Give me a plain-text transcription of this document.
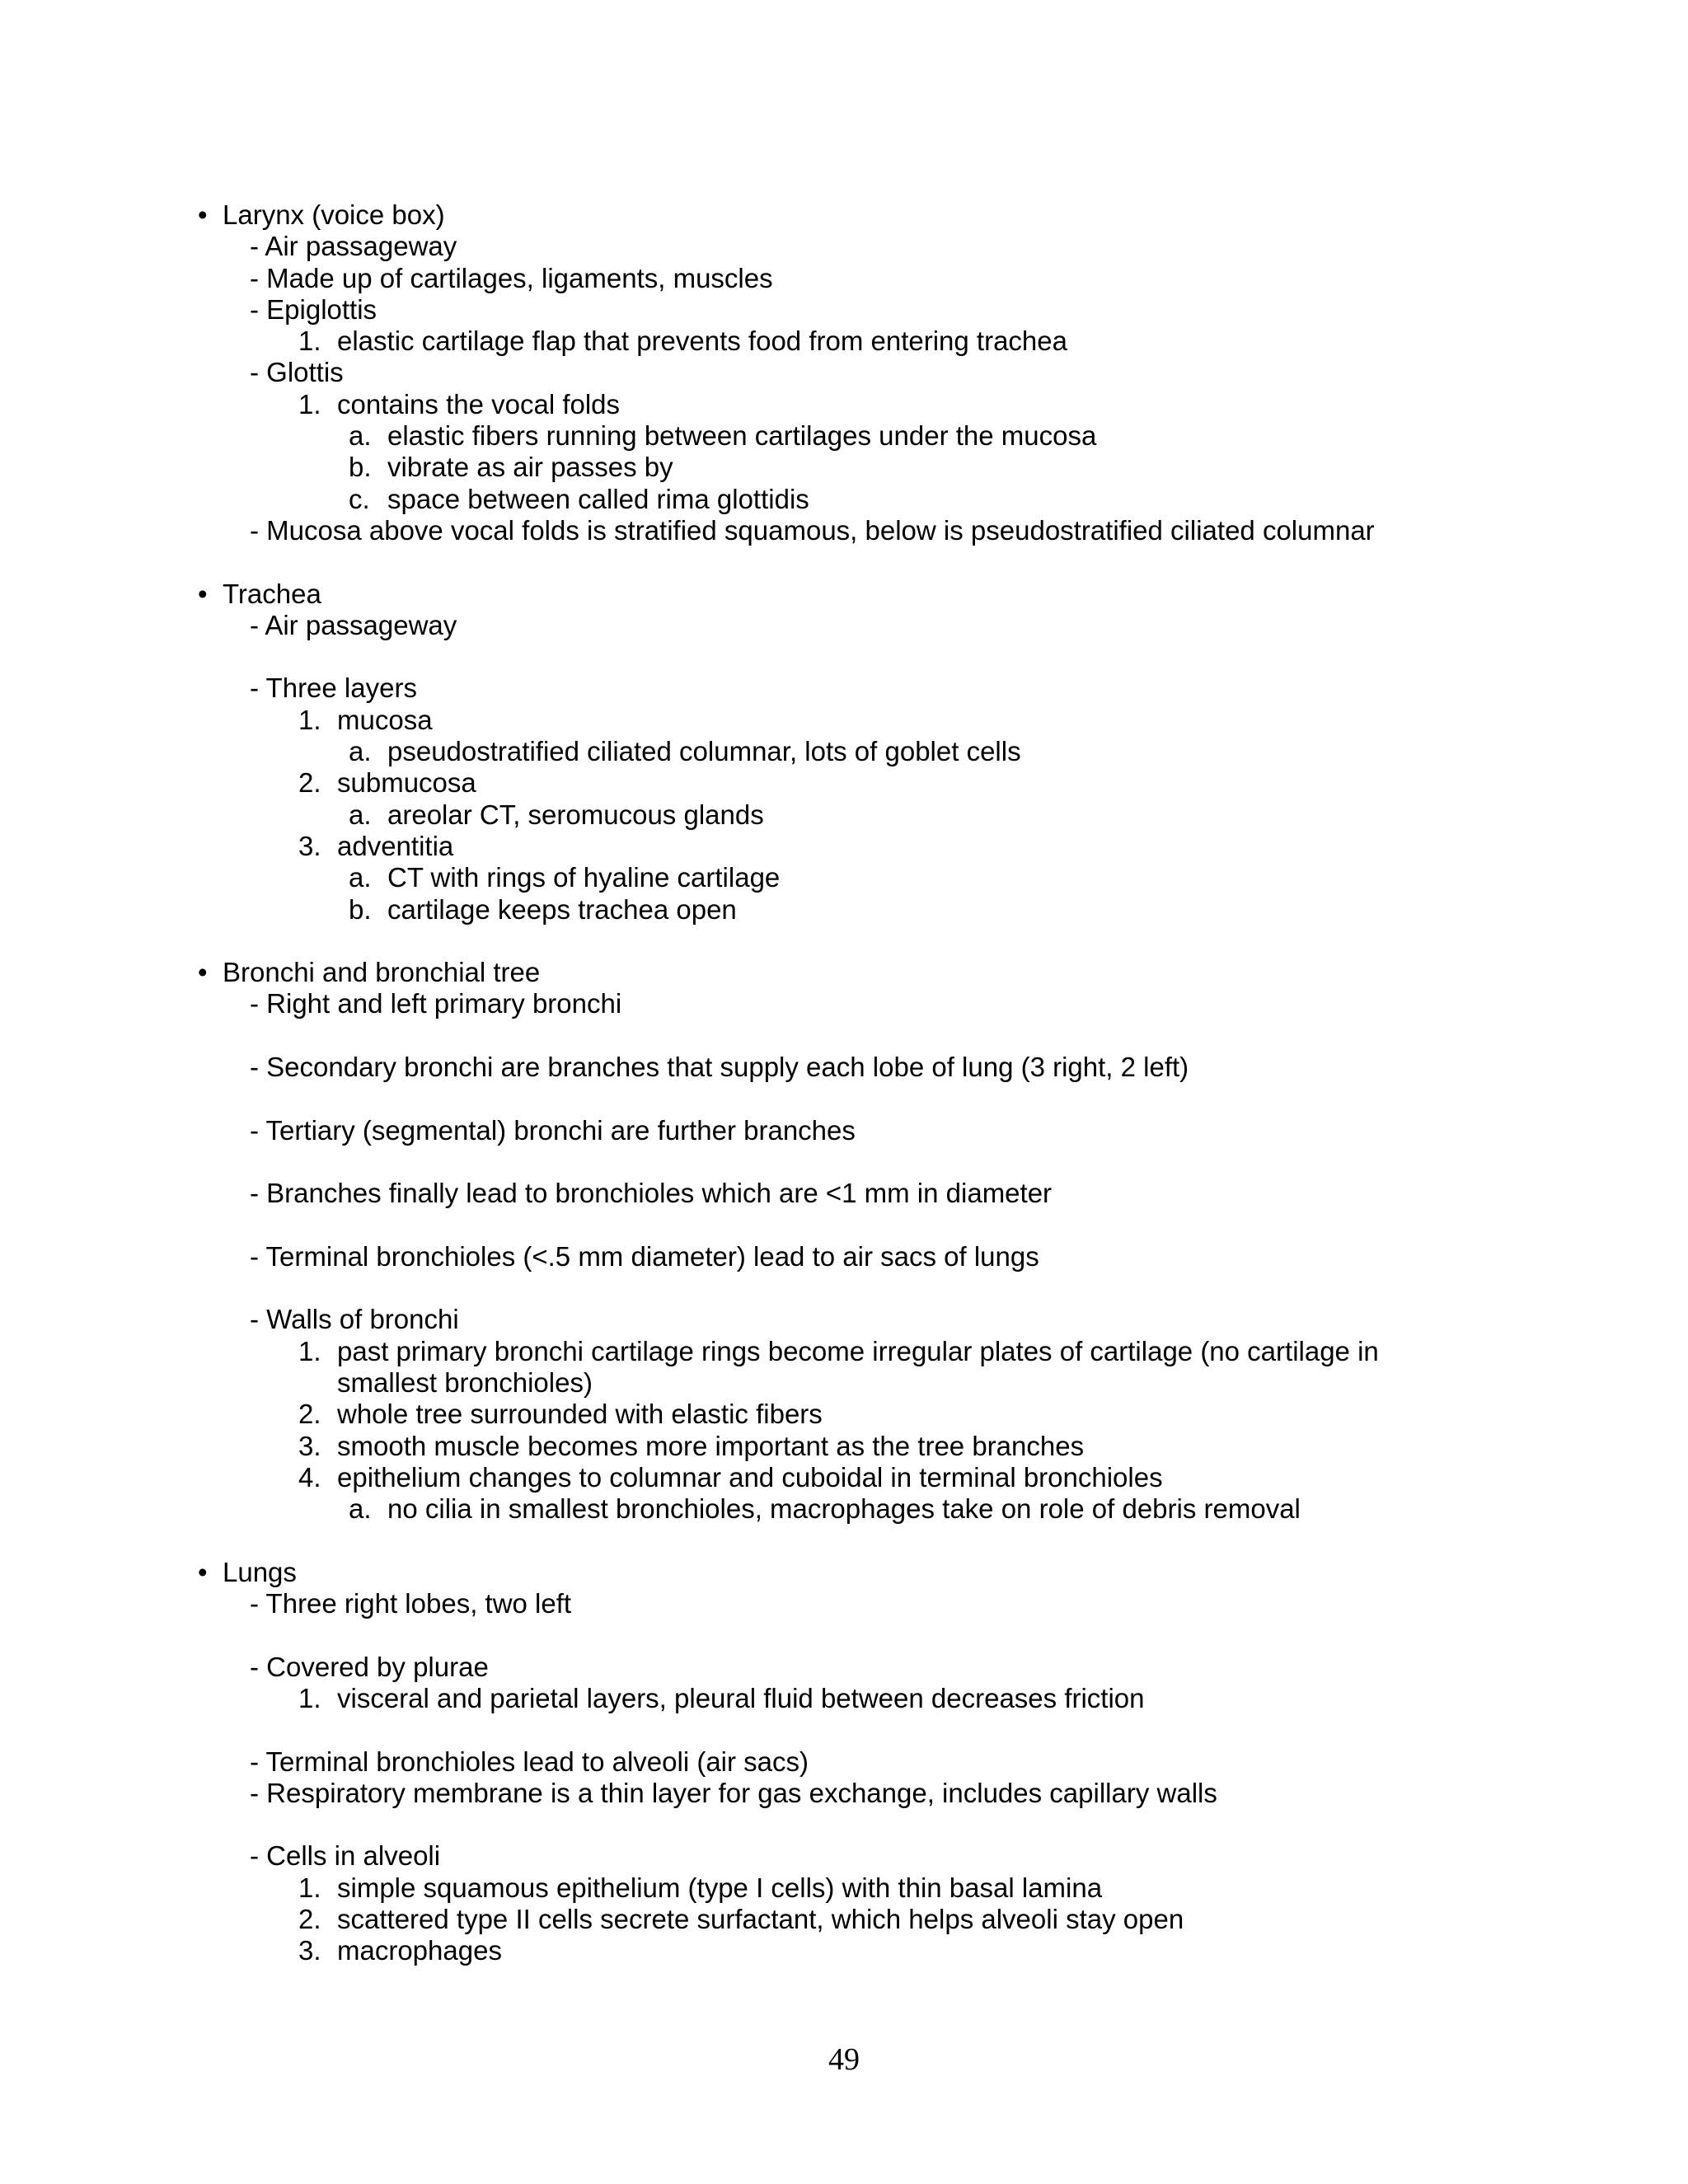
• Larynx (voice box)
- Air passageway
- Made up of cartilages, ligaments, muscles
- Epiglottis
1. elastic cartilage flap that prevents food from entering trachea
- Glottis
1. contains the vocal folds
a. elastic fibers running between cartilages under the mucosa
b. vibrate as air passes by
c. space between called rima glottidis
- Mucosa above vocal folds is stratified squamous, below is pseudostratified ciliated columnar
• Trachea
- Air passageway
- Three layers
1. mucosa
a. pseudostratified ciliated columnar, lots of goblet cells
2. submucosa
a. areolar CT, seromucous glands
3. adventitia
a. CT with rings of hyaline cartilage
b. cartilage keeps trachea open
• Bronchi and bronchial tree
- Right and left primary bronchi
- Secondary bronchi are branches that supply each lobe of lung (3 right, 2 left)
- Tertiary (segmental) bronchi are further branches
- Branches finally lead to bronchioles which are <1 mm in diameter
- Terminal bronchioles (<.5 mm diameter) lead to air sacs of lungs
- Walls of bronchi
1. past primary bronchi cartilage rings become irregular plates of cartilage (no cartilage in
smallest bronchioles)
2. whole tree surrounded with elastic fibers
3. smooth muscle becomes more important as the tree branches
4. epithelium changes to columnar and cuboidal in terminal bronchioles
a. no cilia in smallest bronchioles, macrophages take on role of debris removal
• Lungs
- Three right lobes, two left
- Covered by plurae
1. visceral and parietal layers, pleural fluid between decreases friction
- Terminal bronchioles lead to alveoli (air sacs)
- Respiratory membrane is a thin layer for gas exchange, includes capillary walls
- Cells in alveoli
1. simple squamous epithelium (type I cells) with thin basal lamina
2. scattered type II cells secrete surfactant, which helps alveoli stay open
3. macrophages
49
